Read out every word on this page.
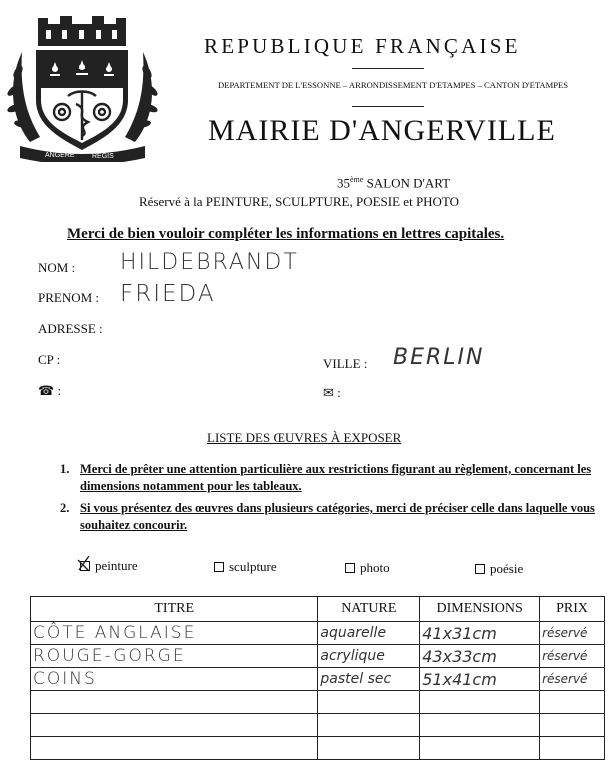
ANGERE REGIS
REPUBLIQUE FRANÇAISE
DEPARTEMENT DE L'ESSONNE – ARRONDISSEMENT D'ETAMPES – CANTON D'ETAMPES
MAIRIE D'ANGERVILLE
35ème SALON D'ART
Réservé à la PEINTURE, SCULPTURE, POESIE et PHOTO
Merci de bien vouloir compléter les informations en lettres capitales.
NOM : HILDEBRANDT
PRENOM : FRIEDA
ADRESSE :
CP :	VILLE : BERLIN
☎ :	✉ :
LISTE DES ŒUVRES À EXPOSER
1. Merci de prêter une attention particulière aux restrictions figurant au règlement, concernant les dimensions notamment pour les tableaux.
2. Si vous présentez des œuvres dans plusieurs catégories, merci de préciser celle dans laquelle vous souhaitez concourir.
peinture	sculpture	photo	poésie
TITRE	NATURE	DIMENSIONS	PRIX
CÔTE ANGLAISE	aquarelle	41x31cm	réservé
ROUGE-GORGE	acrylique	43x33cm	réservé
COINS	pastel sec	51x41cm	réservé
